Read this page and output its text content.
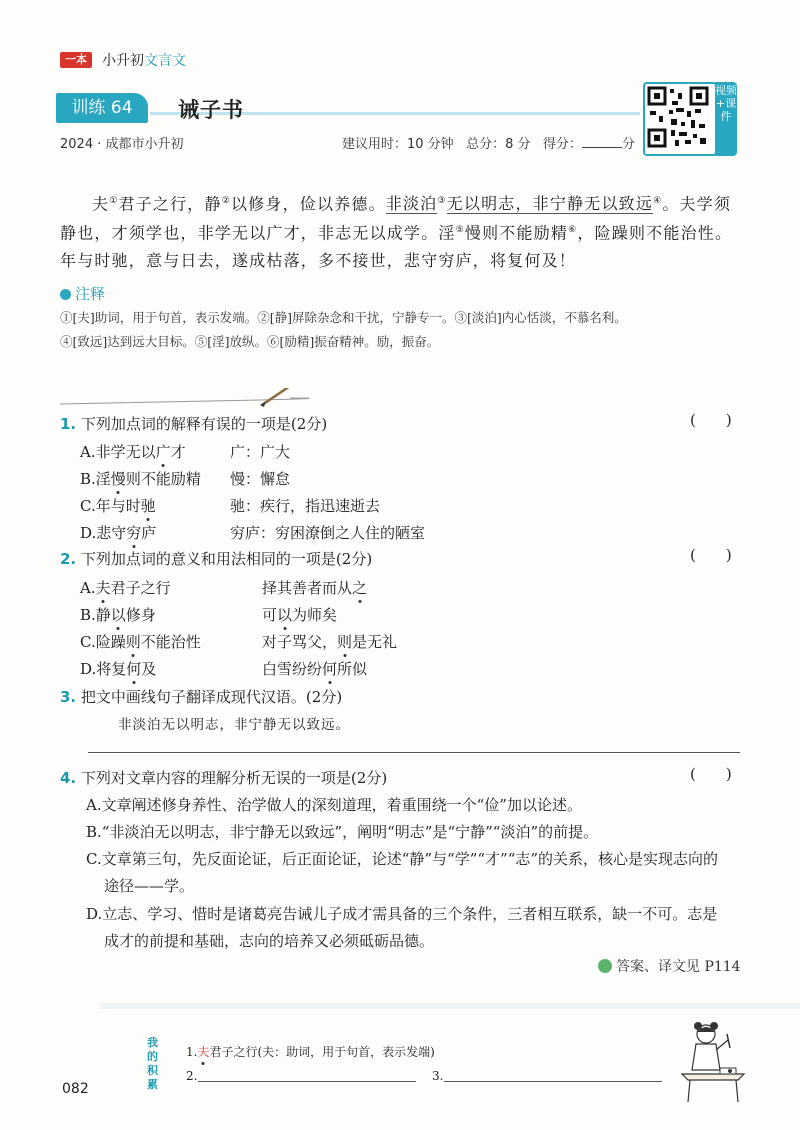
一本	小升初文言文
训练 64	诫子书
2024 · 成都市小升初	建议用时：10 分钟 总分：8 分 得分：	分
视频+课件
夫①君子之行，静②以修身，俭以养德。非淡泊③无以明志，非宁静无以致远④。夫学须静也，才须学也，非学无以广才，非志无以成学。淫⑤慢则不能励精⑥，险躁则不能治性。年与时驰，意与日去，遂成枯落，多不接世，悲守穷庐，将复何及！
注释
①[夫]助词，用于句首，表示发端。②[静]屏除杂念和干扰，宁静专一。③[淡泊]内心恬淡，不慕名利。
④[致远]达到远大目标。⑤[淫]放纵。⑥[励精]振奋精神。励，振奋。
1. 下列加点词的解释有误的一项是(2分)	(　　)
A.非学无以广才	广：广大
B.淫慢则不能励精 慢：懈怠
C.年与时驰	驰：疾行，指迅速逝去
D.悲守穷庐	穷庐：穷困潦倒之人住的陋室
2. 下列加点词的意义和用法相同的一项是(2分)	(　　)
A.夫君子之行	择其善者而从之
B.静以修身	可以为师矣
C.险躁则不能治性	对子骂父，则是无礼
D.将复何及	白雪纷纷何所似
3. 把文中画线句子翻译成现代汉语。(2分)
非淡泊无以明志，非宁静无以致远。
4. 下列对文章内容的理解分析无误的一项是(2分)	(　　)
A.文章阐述修身养性、治学做人的深刻道理，着重围绕一个“俭”加以论述。
B.“非淡泊无以明志，非宁静无以致远”，阐明“明志”是“宁静”“淡泊”的前提。
C.文章第三句，先反面论证，后正面论证，论述“静”与“学”“才”“志”的关系，核心是实现志向的
途径——学。
D.立志、学习、惜时是诸葛亮告诫儿子成才需具备的三个条件，三者相互联系，缺一不可。志是
成才的前提和基础，志向的培养又必须砥砺品德。
答案、译文见 P114
我的积累
1.夫君子之行(夫：助词，用于句首，表示发端)
2.	3.
082
